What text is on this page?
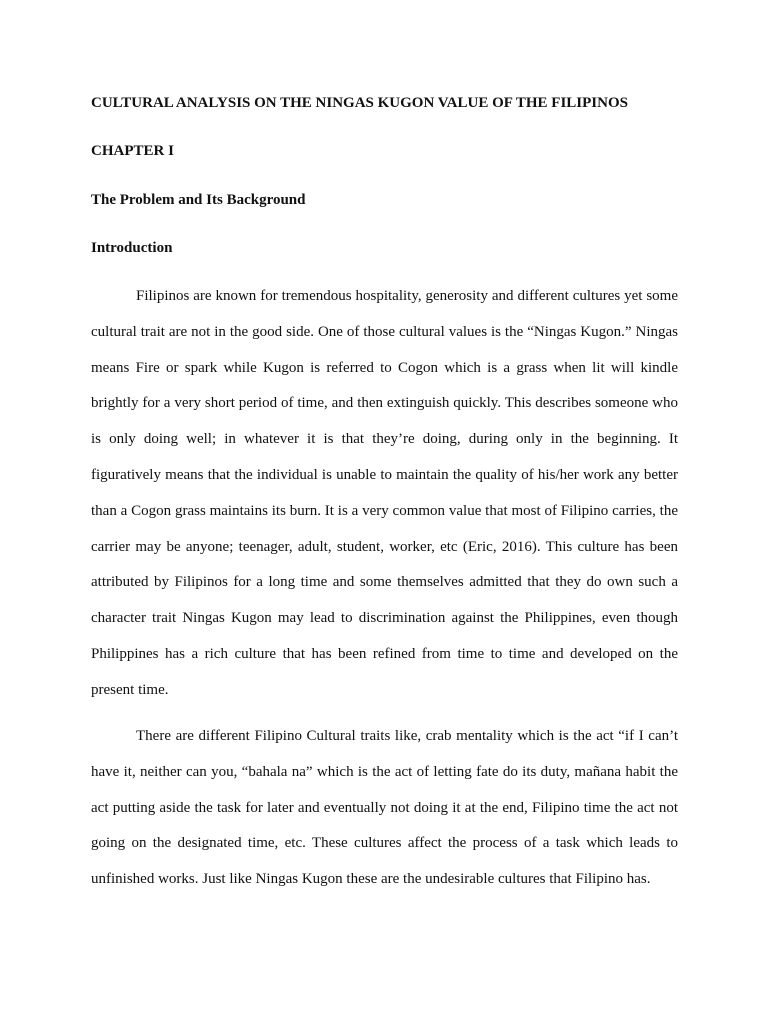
CULTURAL ANALYSIS ON THE NINGAS KUGON VALUE OF THE FILIPINOS
CHAPTER I
The Problem and Its Background
Introduction

Filipinos are known for tremendous hospitality, generosity and different cultures yet some cultural trait are not in the good side. One of those cultural values is the “Ningas Kugon.” Ningas means Fire or spark while Kugon is referred to Cogon which is a grass when lit will kindle brightly for a very short period of time, and then extinguish quickly. This describes someone who is only doing well; in whatever it is that they’re doing, during only in the beginning. It figuratively means that the individual is unable to maintain the quality of his/her work any better than a Cogon grass maintains its burn. It is a very common value that most of Filipino carries, the carrier may be anyone; teenager, adult, student, worker, etc (Eric, 2016). This culture has been attributed by Filipinos for a long time and some themselves admitted that they do own such a character trait Ningas Kugon may lead to discrimination against the Philippines, even though Philippines has a rich culture that has been refined from time to time and developed on the present time.

There are different Filipino Cultural traits like, crab mentality which is the act “if I can’t have it, neither can you, “bahala na” which is the act of letting fate do its duty, mañana habit the act putting aside the task for later and eventually not doing it at the end, Filipino time the act not going on the designated time, etc. These cultures affect the process of a task which leads to unfinished works. Just like Ningas Kugon these are the undesirable cultures that Filipino has.
